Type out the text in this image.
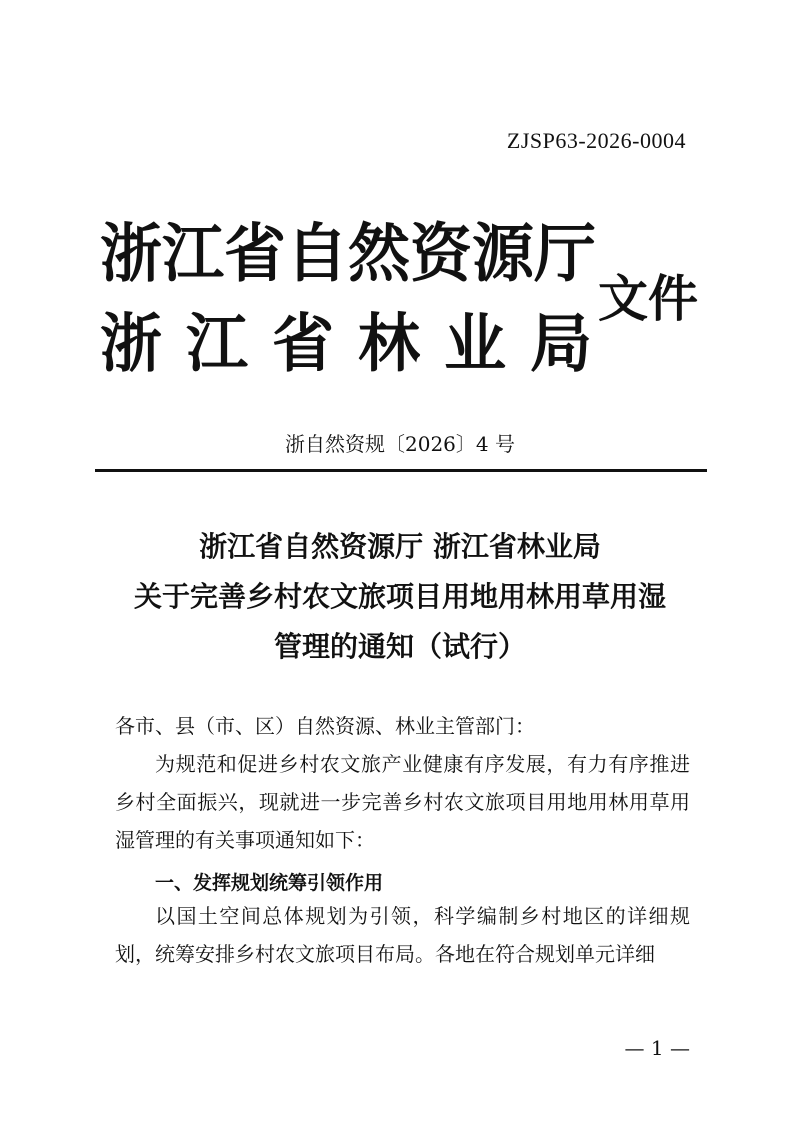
ZJSP63-2026-0004
浙江省自然资源厅
浙江省林业局
文件
浙自然资规〔2026〕4 号
浙江省自然资源厅 浙江省林业局
关于完善乡村农文旅项目用地用林用草用湿
管理的通知（试行）
各市、县（市、区）自然资源、林业主管部门：
为规范和促进乡村农文旅产业健康有序发展，有力有序推进乡村全面振兴，现就进一步完善乡村农文旅项目用地用林用草用湿管理的有关事项通知如下：
一、发挥规划统筹引领作用
以国土空间总体规划为引领，科学编制乡村地区的详细规划，统筹安排乡村农文旅项目布局。各地在符合规划单元详细
— 1 —
